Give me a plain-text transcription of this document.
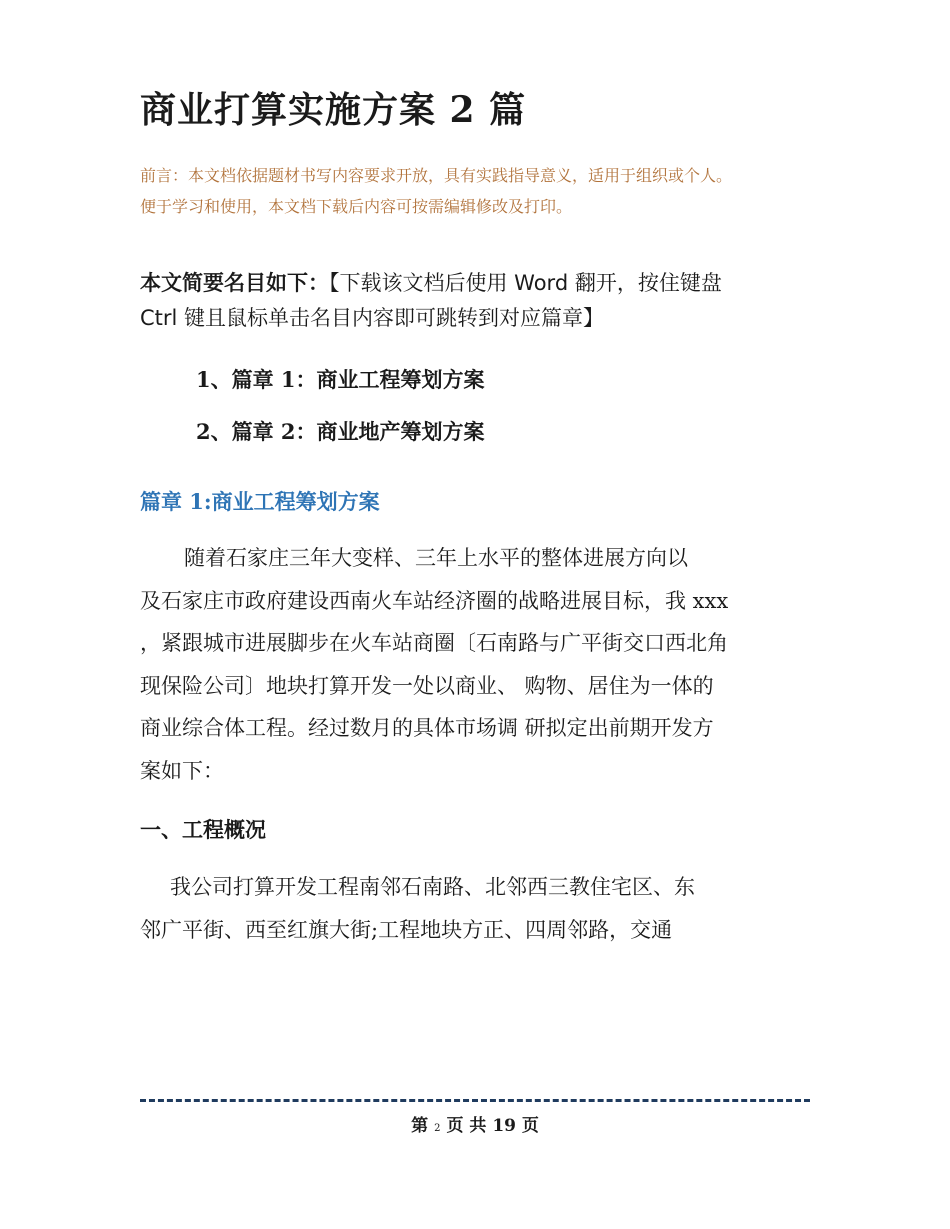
商业打算实施方案 2 篇

前言：本文档依据题材书写内容要求开放，具有实践指导意义，适用于组织或个人。

便于学习和使用，本文档下载后内容可按需编辑修改及打印。

本文简要名目如下：【下载该文档后使用 Word 翻开，按住键盘

Ctrl 键且鼠标单击名目内容即可跳转到对应篇章】

1、篇章 1：商业工程筹划方案
2、篇章 2：商业地产筹划方案
篇章 1:商业工程筹划方案

随着石家庄三年大变样、三年上水平的整体进展方向以

及石家庄市政府建设西南火车站经济圈的战略进展目标，我 xxx

，紧跟城市进展脚步在火车站商圈〔石南路与广平街交口西北角

现保险公司〕地块打算开发一处以商业、 购物、居住为一体的

商业综合体工程。经过数月的具体市场调 研拟定出前期开发方

案如下：

一、工程概况

我公司打算开发工程南邻石南路、北邻西三教住宅区、东

邻广平街、西至红旗大街;工程地块方正、四周邻路，交通

第 2 页 共 19 页
